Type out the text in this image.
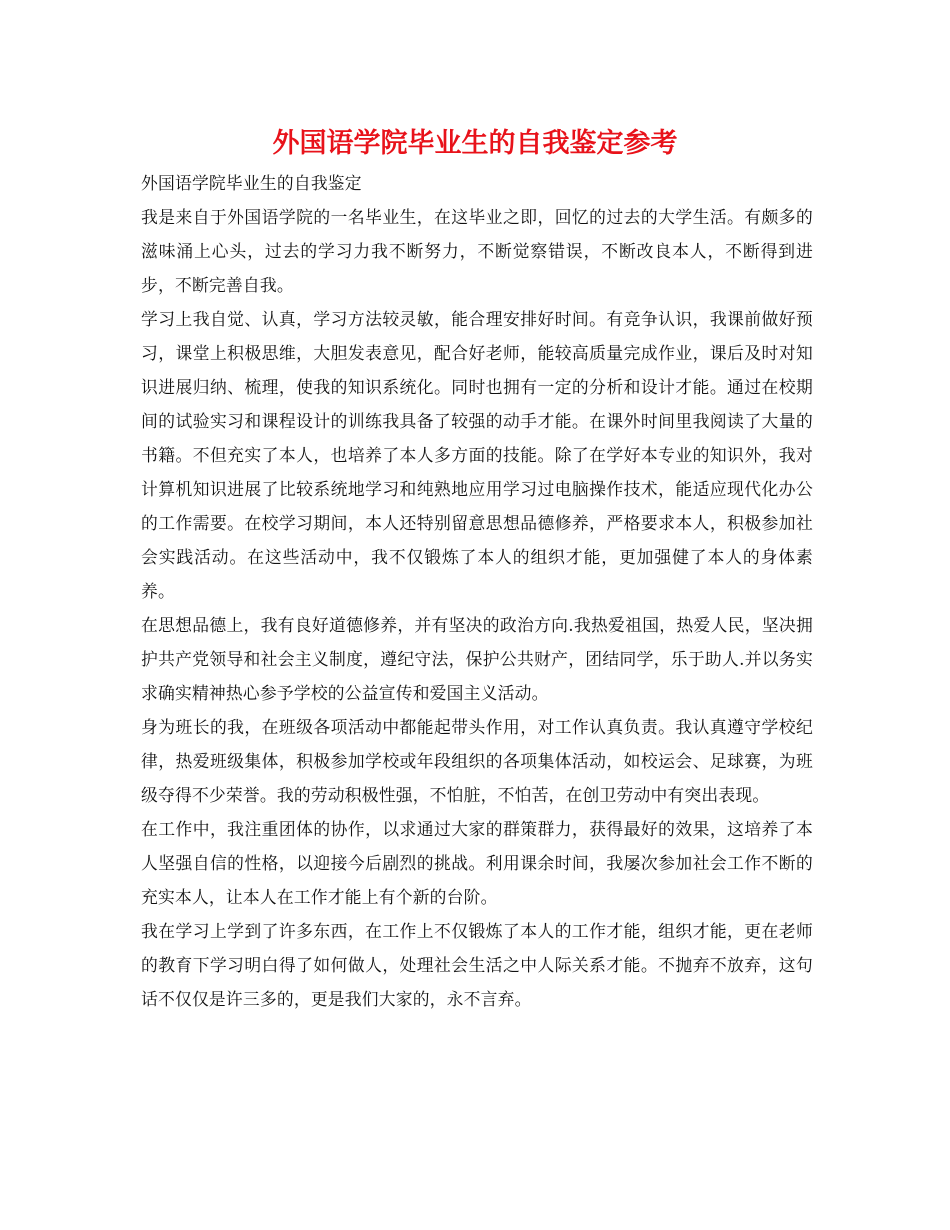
外国语学院毕业生的自我鉴定参考

外国语学院毕业生的自我鉴定

我是来自于外国语学院的一名毕业生，在这毕业之即，回忆的过去的大学生活。有颇多的滋味涌上心头，过去的学习力我不断努力，不断觉察错误，不断改良本人，不断得到进步，不断完善自我。

学习上我自觉、认真，学习方法较灵敏，能合理安排好时间。有竞争认识，我课前做好预习，课堂上积极思维，大胆发表意见，配合好老师，能较高质量完成作业，课后及时对知识进展归纳、梳理，使我的知识系统化。同时也拥有一定的分析和设计才能。通过在校期间的试验实习和课程设计的训练我具备了较强的动手才能。在课外时间里我阅读了大量的书籍。不但充实了本人，也培养了本人多方面的技能。除了在学好本专业的知识外，我对计算机知识进展了比较系统地学习和纯熟地应用学习过电脑操作技术，能适应现代化办公的工作需要。在校学习期间，本人还特别留意思想品德修养，严格要求本人，积极参加社会实践活动。在这些活动中，我不仅锻炼了本人的组织才能，更加强健了本人的身体素养。

在思想品德上，我有良好道德修养，并有坚决的政治方向.我热爱祖国，热爱人民，坚决拥护共产党领导和社会主义制度，遵纪守法，保护公共财产，团结同学，乐于助人.并以务实求确实精神热心参予学校的公益宣传和爱国主义活动。

身为班长的我，在班级各项活动中都能起带头作用，对工作认真负责。我认真遵守学校纪律，热爱班级集体，积极参加学校或年段组织的各项集体活动，如校运会、足球赛，为班级夺得不少荣誉。我的劳动积极性强，不怕脏，不怕苦，在创卫劳动中有突出表现。

在工作中，我注重团体的协作，以求通过大家的群策群力，获得最好的效果，这培养了本人坚强自信的性格，以迎接今后剧烈的挑战。利用课余时间，我屡次参加社会工作不断的充实本人，让本人在工作才能上有个新的台阶。

我在学习上学到了许多东西，在工作上不仅锻炼了本人的工作才能，组织才能，更在老师的教育下学习明白得了如何做人，处理社会生活之中人际关系才能。不抛弃不放弃，这句话不仅仅是许三多的，更是我们大家的，永不言弃。
